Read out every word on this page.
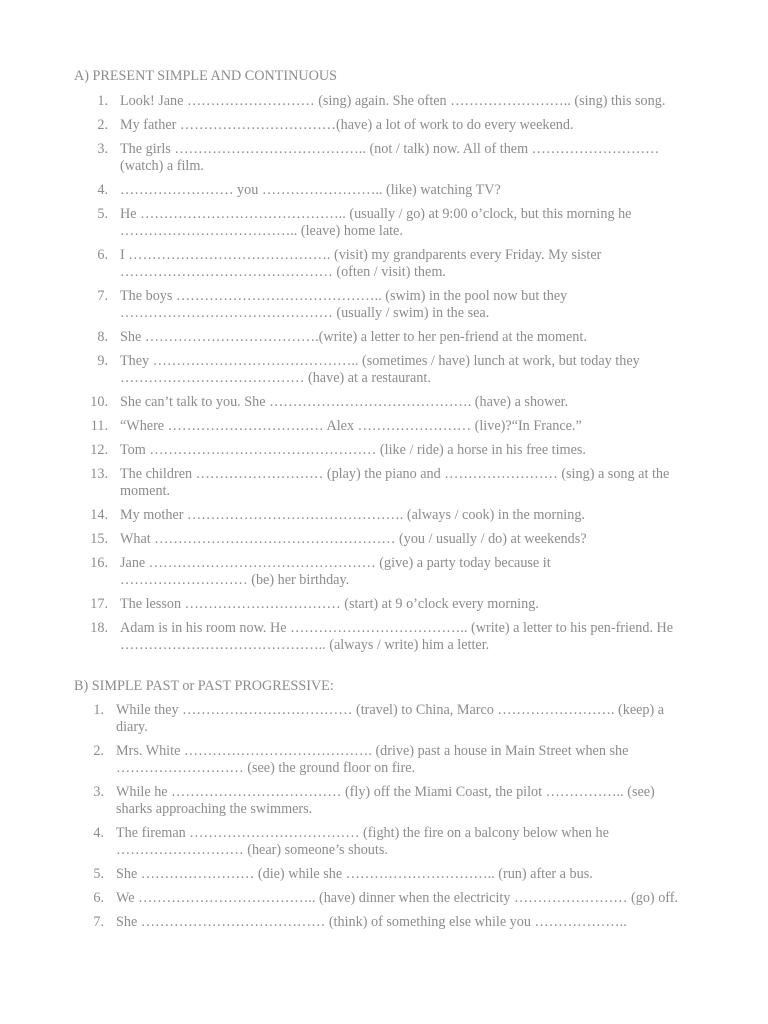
A) PRESENT SIMPLE AND CONTINUOUS
1. Look! Jane ……………………… (sing) again. She often …………………….. (sing) this song.
2. My father ……………………………(have) a lot of work to do every weekend.
3. The girls ………………………………….. (not / talk) now. All of them ……………………… (watch) a film.
4. …………………… you …………………….. (like) watching TV?
5. He …………………………………….. (usually / go) at 9:00 o’clock, but this morning he ……………………………….. (leave) home late.
6. I ……………………………………. (visit) my grandparents every Friday. My sister ……………………………………… (often / visit) them.
7. The boys …………………………………….. (swim) in the pool now but they ……………………………………… (usually / swim) in the sea.
8. She ……………………………….(write) a letter to her pen-friend at the moment.
9. They …………………………………….. (sometimes / have) lunch at work, but today they ………………………………… (have) at a restaurant.
10. She can’t talk to you. She ……………………………………. (have) a shower.
11. “Where …………………………… Alex …………………… (live)?“In France.”
12. Tom ………………………………………… (like / ride) a horse in his free times.
13. The children ……………………… (play) the piano and …………………… (sing) a song at the moment.
14. My mother ………………………………………. (always / cook) in the morning.
15. What …………………………………………… (you / usually / do) at weekends?
16. Jane ………………………………………… (give) a party today because it ……………………… (be) her birthday.
17. The lesson …………………………… (start) at 9 o’clock every morning.
18. Adam is in his room now. He ……………………………….. (write) a letter to his pen-friend. He …………………………………….. (always / write) him a letter.
B) SIMPLE PAST or PAST PROGRESSIVE:
1. While they ……………………………… (travel) to China, Marco ……………………. (keep) a diary.
2. Mrs. White …………………………………. (drive) past a house in Main Street when she ……………………… (see) the ground floor on fire.
3. While he ……………………………… (fly) off the Miami Coast, the pilot …………….. (see) sharks approaching the swimmers.
4. The fireman ……………………………… (fight) the fire on a balcony below when he ……………………… (hear) someone’s shouts.
5. She …………………… (die) while she ………………………….. (run) after a bus.
6. We ……………………………….. (have) dinner when the electricity …………………… (go) off.
7. She ………………………………… (think) of something else while you ………………..
